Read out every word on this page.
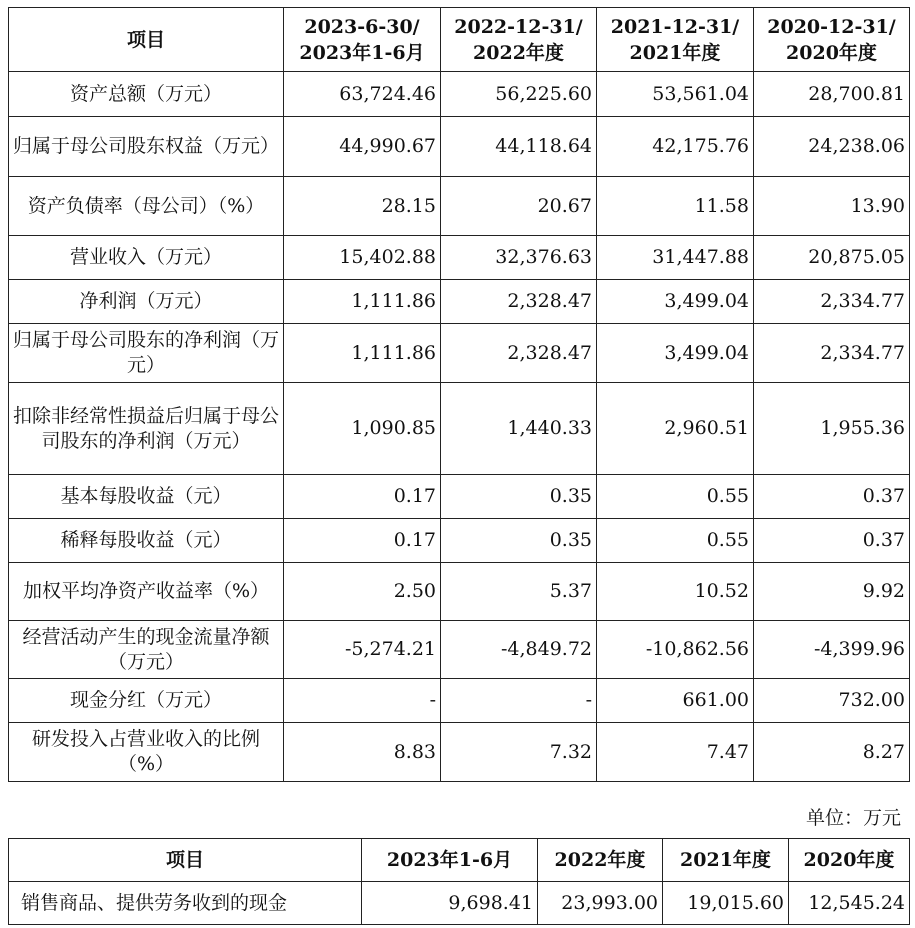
项目	2023-6-30/ 2023年1-6月	2022-12-31/ 2022年度	2021-12-31/ 2021年度	2020-12-31/ 2020年度
资产总额（万元）	63,724.46	56,225.60	53,561.04	28,700.81
归属于母公司股东权益（万元）	44,990.67	44,118.64	42,175.76	24,238.06
资产负债率（母公司）（%）	28.15	20.67	11.58	13.90
营业收入（万元）	15,402.88	32,376.63	31,447.88	20,875.05
净利润（万元）	1,111.86	2,328.47	3,499.04	2,334.77
归属于母公司股东的净利润（万元）	1,111.86	2,328.47	3,499.04	2,334.77
扣除非经常性损益后归属于母公司股东的净利润（万元）	1,090.85	1,440.33	2,960.51	1,955.36
基本每股收益（元）	0.17	0.35	0.55	0.37
稀释每股收益（元）	0.17	0.35	0.55	0.37
加权平均净资产收益率（%）	2.50	5.37	10.52	9.92
经营活动产生的现金流量净额（万元）	-5,274.21	-4,849.72	-10,862.56	-4,399.96
现金分红（万元）	-	-	661.00	732.00
研发投入占营业收入的比例（%）	8.83	7.32	7.47	8.27
单位：万元
项目	2023年1-6月	2022年度	2021年度	2020年度
销售商品、提供劳务收到的现金	9,698.41	23,993.00	19,015.60	12,545.24
